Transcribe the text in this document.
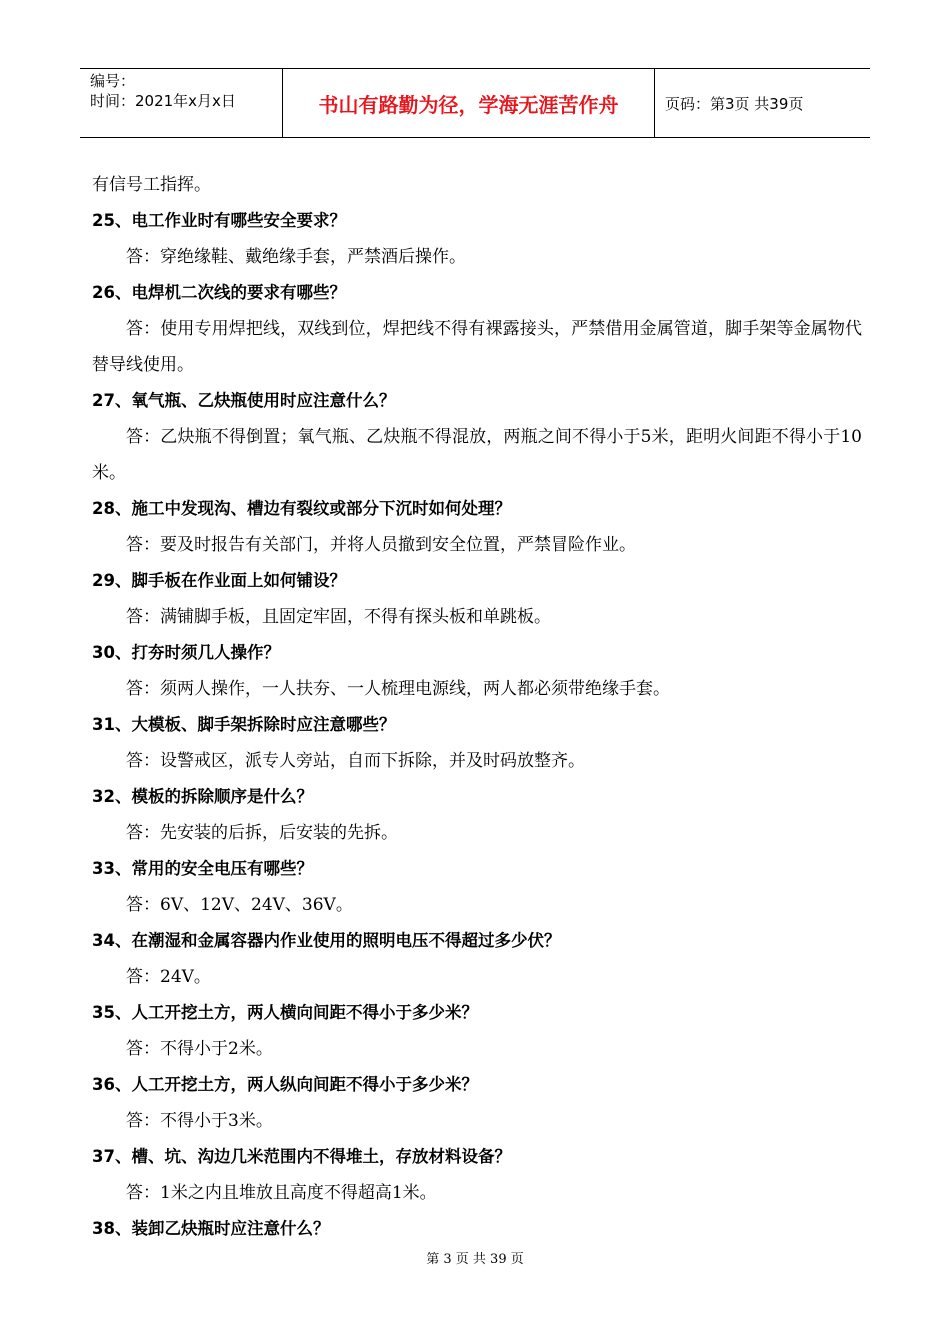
编号：
时间：2021年x月x日	书山有路勤为径，学海无涯苦作舟	页码：第3页 共39页
有信号工指挥。
25、电工作业时有哪些安全要求？
答：穿绝缘鞋、戴绝缘手套，严禁酒后操作。
26、电焊机二次线的要求有哪些？
答：使用专用焊把线，双线到位，焊把线不得有裸露接头，严禁借用金属管道，脚手架等金属物代替导线使用。
27、氧气瓶、乙炔瓶使用时应注意什么？
答：乙炔瓶不得倒置；氧气瓶、乙炔瓶不得混放，两瓶之间不得小于5米，距明火间距不得小于10米。
28、施工中发现沟、槽边有裂纹或部分下沉时如何处理？
答：要及时报告有关部门，并将人员撤到安全位置，严禁冒险作业。
29、脚手板在作业面上如何铺设？
答：满铺脚手板，且固定牢固，不得有探头板和单跳板。
30、打夯时须几人操作？
答：须两人操作，一人扶夯、一人梳理电源线，两人都必须带绝缘手套。
31、大模板、脚手架拆除时应注意哪些？
答：设警戒区，派专人旁站，自而下拆除，并及时码放整齐。
32、模板的拆除顺序是什么？
答：先安装的后拆，后安装的先拆。
33、常用的安全电压有哪些？
答：6V、12V、24V、36V。
34、在潮湿和金属容器内作业使用的照明电压不得超过多少伏？
答：24V。
35、人工开挖土方，两人横向间距不得小于多少米？
答：不得小于2米。
36、人工开挖土方，两人纵向间距不得小于多少米？
答：不得小于3米。
37、槽、坑、沟边几米范围内不得堆土，存放材料设备？
答：1米之内且堆放且高度不得超高1米。
38、装卸乙炔瓶时应注意什么？
第 3 页 共 39 页
